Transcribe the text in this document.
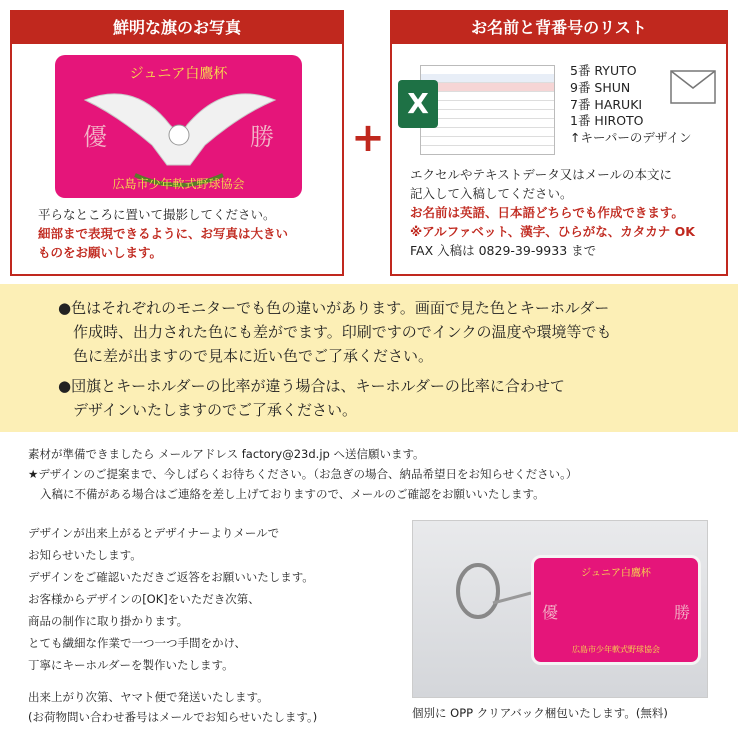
鮮明な旗のお写真
ジュニア白鷹杯
優	勝
広島市少年軟式野球協会
平らなところに置いて撮影してください。
細部まで表現できるように、お写真は大きい
ものをお願いします。
+
お名前と背番号のリスト
X
5番 RYUTO
9番 SHUN
7番 HARUKI
1番 HIROTO
↑キーパーのデザイン
エクセルやテキストデータ又はメールの本文に
記入して入稿してください。
お名前は英語、日本語どちらでも作成できます。
※アルファベット、漢字、ひらがな、カタカナ OK
FAX 入稿は 0829-39-9933 まで
●色はそれぞれのモニターでも色の違いがあります。画面で見た色とキーホルダー
作成時、出力された色にも差がでます。印刷ですのでインクの温度や環境等でも
色に差が出ますので見本に近い色でご了承ください。
●団旗とキーホルダーの比率が違う場合は、キーホルダーの比率に合わせて
デザインいたしますのでご了承ください。
素材が準備できましたら メールアドレス factory@23d.jp へ送信願います。
★デザインのご提案まで、今しばらくお待ちください。（お急ぎの場合、納品希望日をお知らせください。）
入稿に不備がある場合はご連絡を差し上げておりますので、メールのご確認をお願いいたします。
デザインが出来上がるとデザイナーよりメールで
お知らせいたします。
デザインをご確認いただきご返答をお願いいたします。
お客様からデザインの[OK]をいただき次第、
商品の制作に取り掛かります。
とても繊細な作業で一つ一つ手間をかけ、
丁寧にキーホルダーを製作いたします。
出来上がり次第、ヤマト便で発送いたします。
(お荷物問い合わせ番号はメールでお知らせいたします。)
ジュニア白鷹杯
優	勝
広島市少年軟式野球協会
個別に OPP クリアバック梱包いたします。(無料)
